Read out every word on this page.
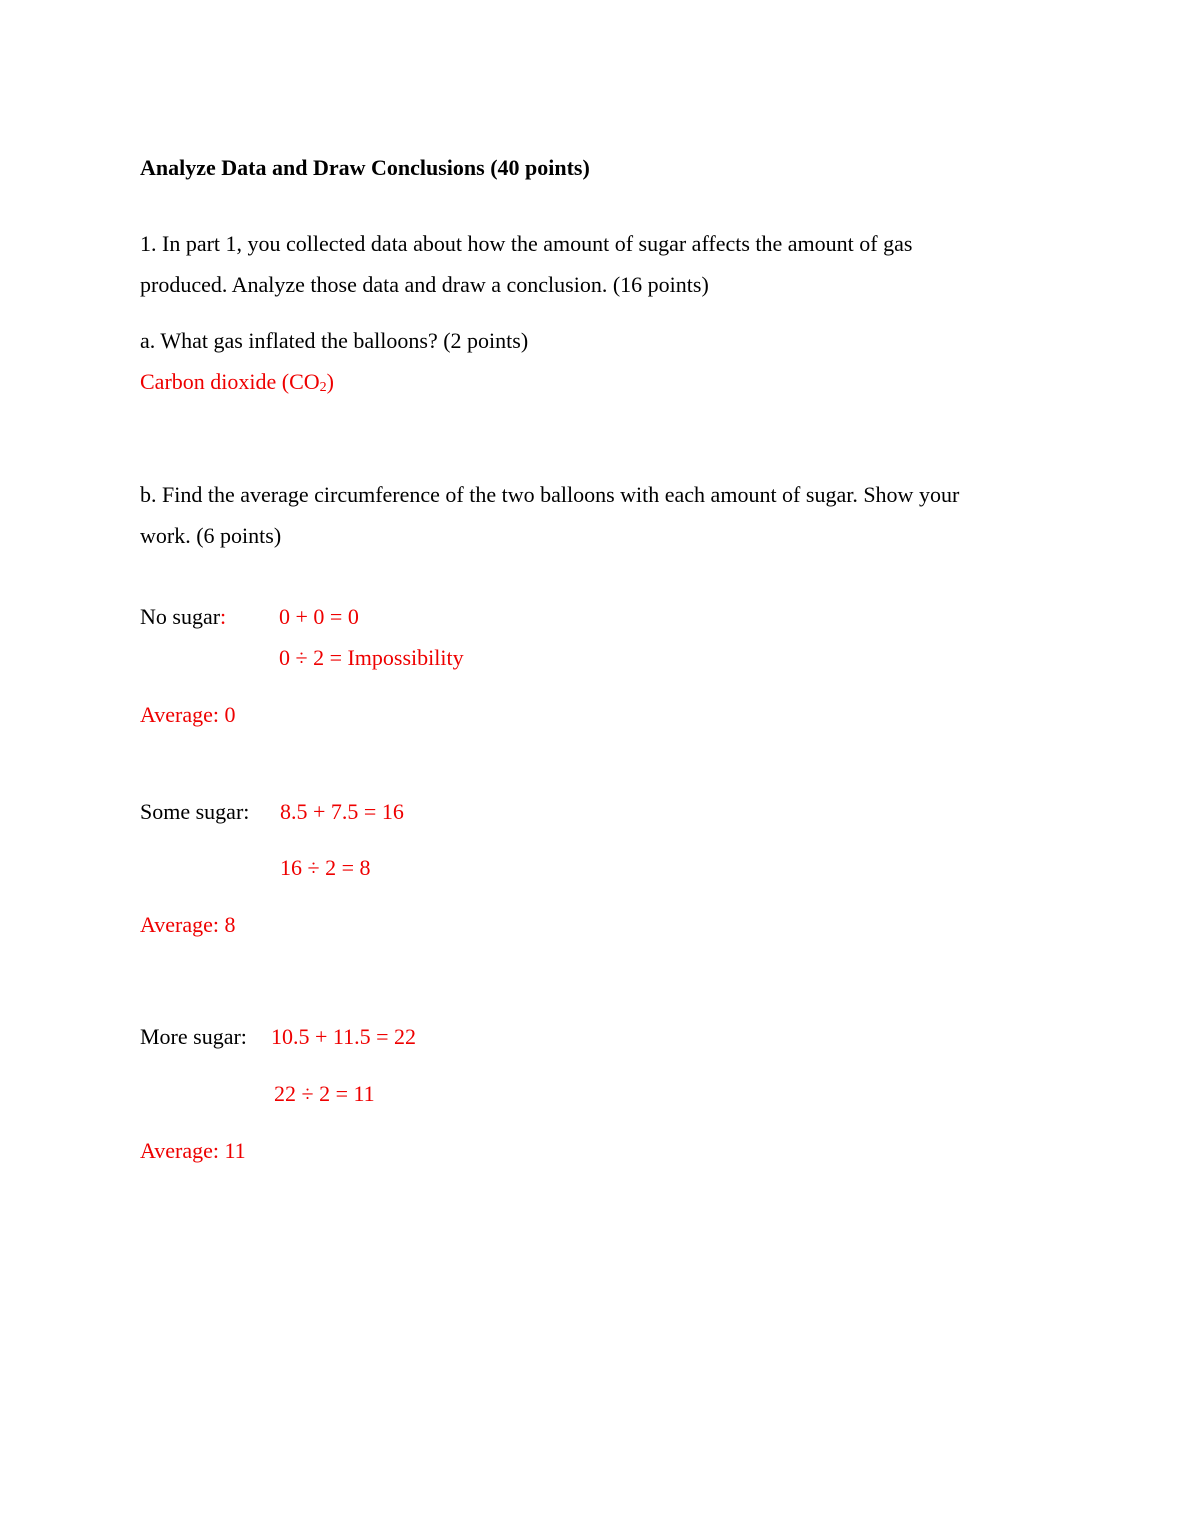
Analyze Data and Draw Conclusions (40 points)
1. In part 1, you collected data about how the amount of sugar affects the amount of gas
produced. Analyze those data and draw a conclusion. (16 points)
a. What gas inflated the balloons? (2 points)
Carbon dioxide $(CO_2)$
b. Find the average circumference of the two balloons with each amount of sugar. Show your
work. (6 points)
No sugar: 0 + 0 = 0
0 ÷ 2 = Impossibility
Average: 0
Some sugar: 8.5 + 7.5 = 16
16 ÷ 2 = 8
Average: 8
More sugar: 10.5 + 11.5 = 22
22 ÷ 2 = 11
Average: 11
